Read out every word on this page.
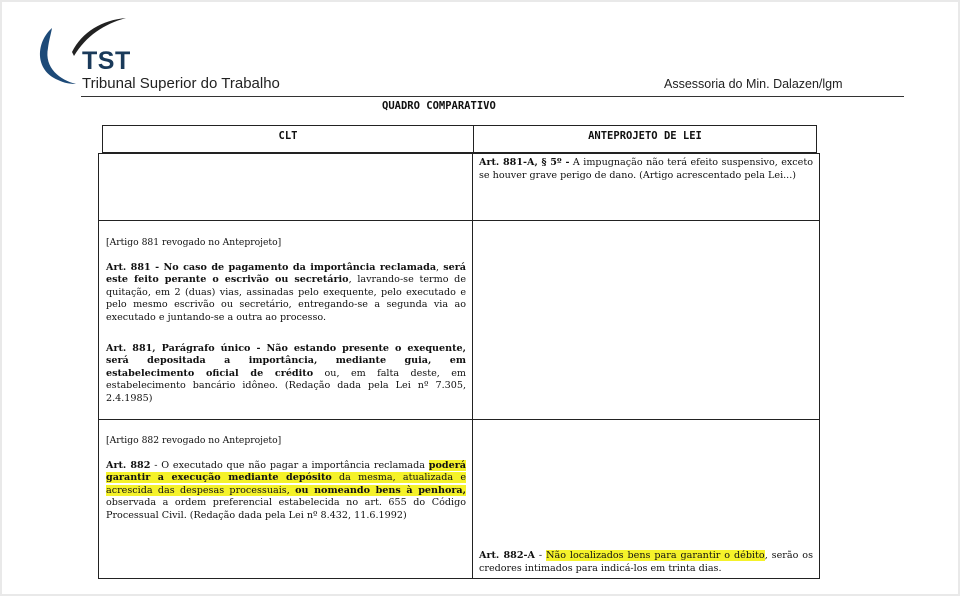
TST
Tribunal Superior do Trabalho	Assessoria do Min. Dalazen/lgm
QUADRO COMPARATIVO
CLT	ANTEPROJETO DE LEI

Art. 881-A, § 5º - A impugnação não terá efeito suspensivo, exceto se houver grave perigo de dano. (Artigo acrescentado pela Lei...)

[Artigo 881 revogado no Anteprojeto]

Art. 881 - No caso de pagamento da importância reclamada, será este feito perante o escrivão ou secretário, lavrando-se termo de quitação, em 2 (duas) vias, assinadas pelo exequente, pelo executado e pelo mesmo escrivão ou secretário, entregando-se a segunda via ao executado e juntando-se a outra ao processo.

Art. 881, Parágrafo único - Não estando presente o exequente, será depositada a importância, mediante guia, em estabelecimento oficial de crédito ou, em falta deste, em estabelecimento bancário idôneo. (Redação dada pela Lei nº 7.305, 2.4.1985)

[Artigo 882 revogado no Anteprojeto]

Art. 882 - O executado que não pagar a importância reclamada poderá garantir a execução mediante depósito da mesma, atualizada e acrescida das despesas processuais, ou nomeando bens à penhora, observada a ordem preferencial estabelecida no art. 655 do Código Processual Civil. (Redação dada pela Lei nº 8.432, 11.6.1992)

Art. 882-A - Não localizados bens para garantir o débito, serão os credores intimados para indicá-los em trinta dias.
